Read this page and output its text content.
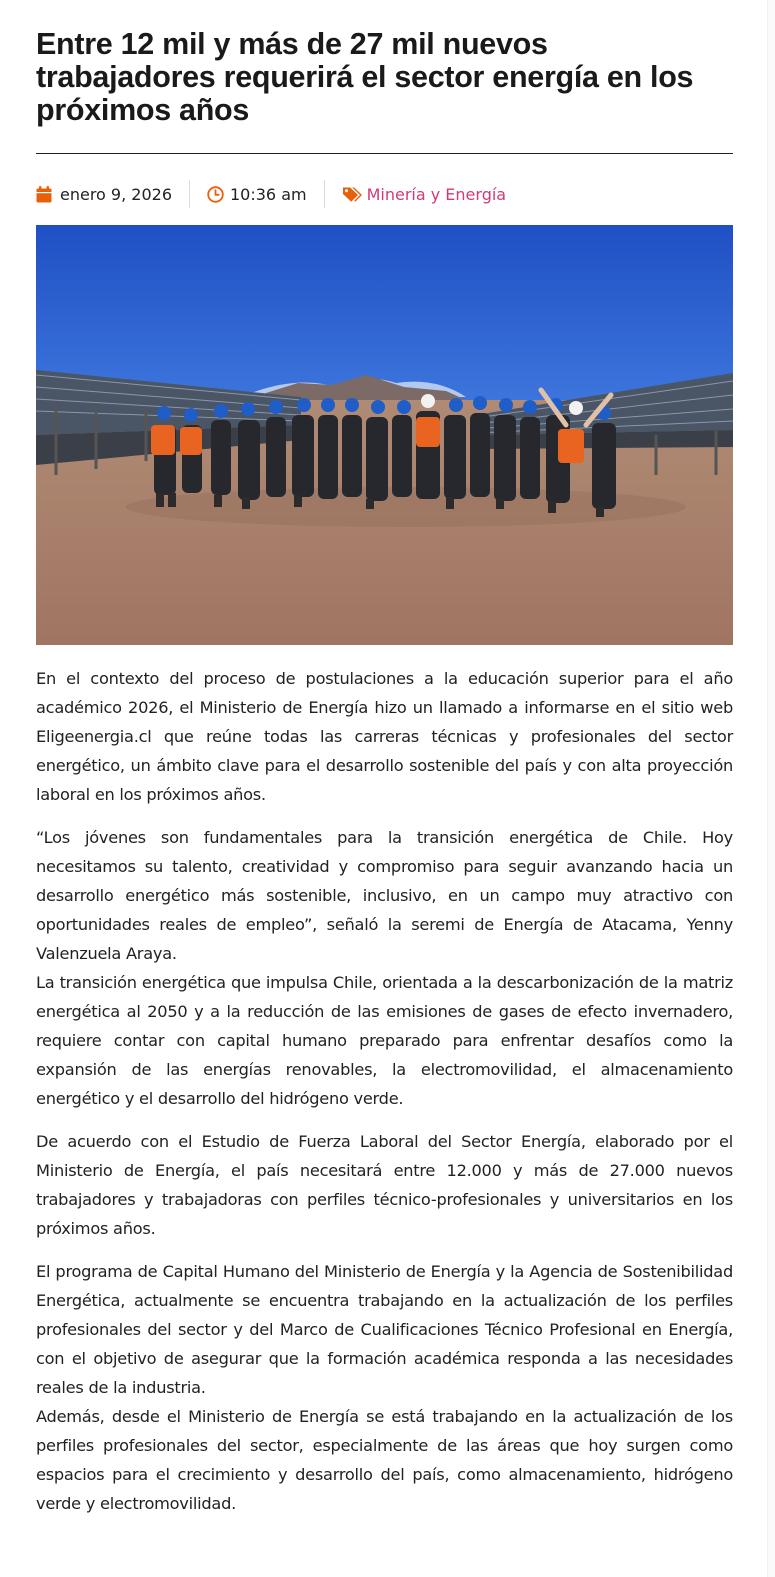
Entre 12 mil y más de 27 mil nuevos trabajadores requerirá el sector energía en los próximos años
enero 9, 2026	10:36 am	Minería y Energía

En el contexto del proceso de postulaciones a la educación superior para el año académico 2026, el Ministerio de Energía hizo un llamado a informarse en el sitio web Eligeenergia.cl que reúne todas las carreras técnicas y profesionales del sector energético, un ámbito clave para el desarrollo sostenible del país y con alta proyección laboral en los próximos años.

“Los jóvenes son fundamentales para la transición energética de Chile. Hoy necesitamos su talento, creatividad y compromiso para seguir avanzando hacia un desarrollo energético más sostenible, inclusivo, en un campo muy atractivo con oportunidades reales de empleo”, señaló la seremi de Energía de Atacama, Yenny Valenzuela Araya.

La transición energética que impulsa Chile, orientada a la descarbonización de la matriz energética al 2050 y a la reducción de las emisiones de gases de efecto invernadero, requiere contar con capital humano preparado para enfrentar desafíos como la expansión de las energías renovables, la electromovilidad, el almacenamiento energético y el desarrollo del hidrógeno verde.

De acuerdo con el Estudio de Fuerza Laboral del Sector Energía, elaborado por el Ministerio de Energía, el país necesitará entre 12.000 y más de 27.000 nuevos trabajadores y trabajadoras con perfiles técnico-profesionales y universitarios en los próximos años.

El programa de Capital Humano del Ministerio de Energía y la Agencia de Sostenibilidad Energética, actualmente se encuentra trabajando en la actualización de los perfiles profesionales del sector y del Marco de Cualificaciones Técnico Profesional en Energía, con el objetivo de asegurar que la formación académica responda a las necesidades reales de la industria.

Además, desde el Ministerio de Energía se está trabajando en la actualización de los perfiles profesionales del sector, especialmente de las áreas que hoy surgen como espacios para el crecimiento y desarrollo del país, como almacenamiento, hidrógeno verde y electromovilidad.
